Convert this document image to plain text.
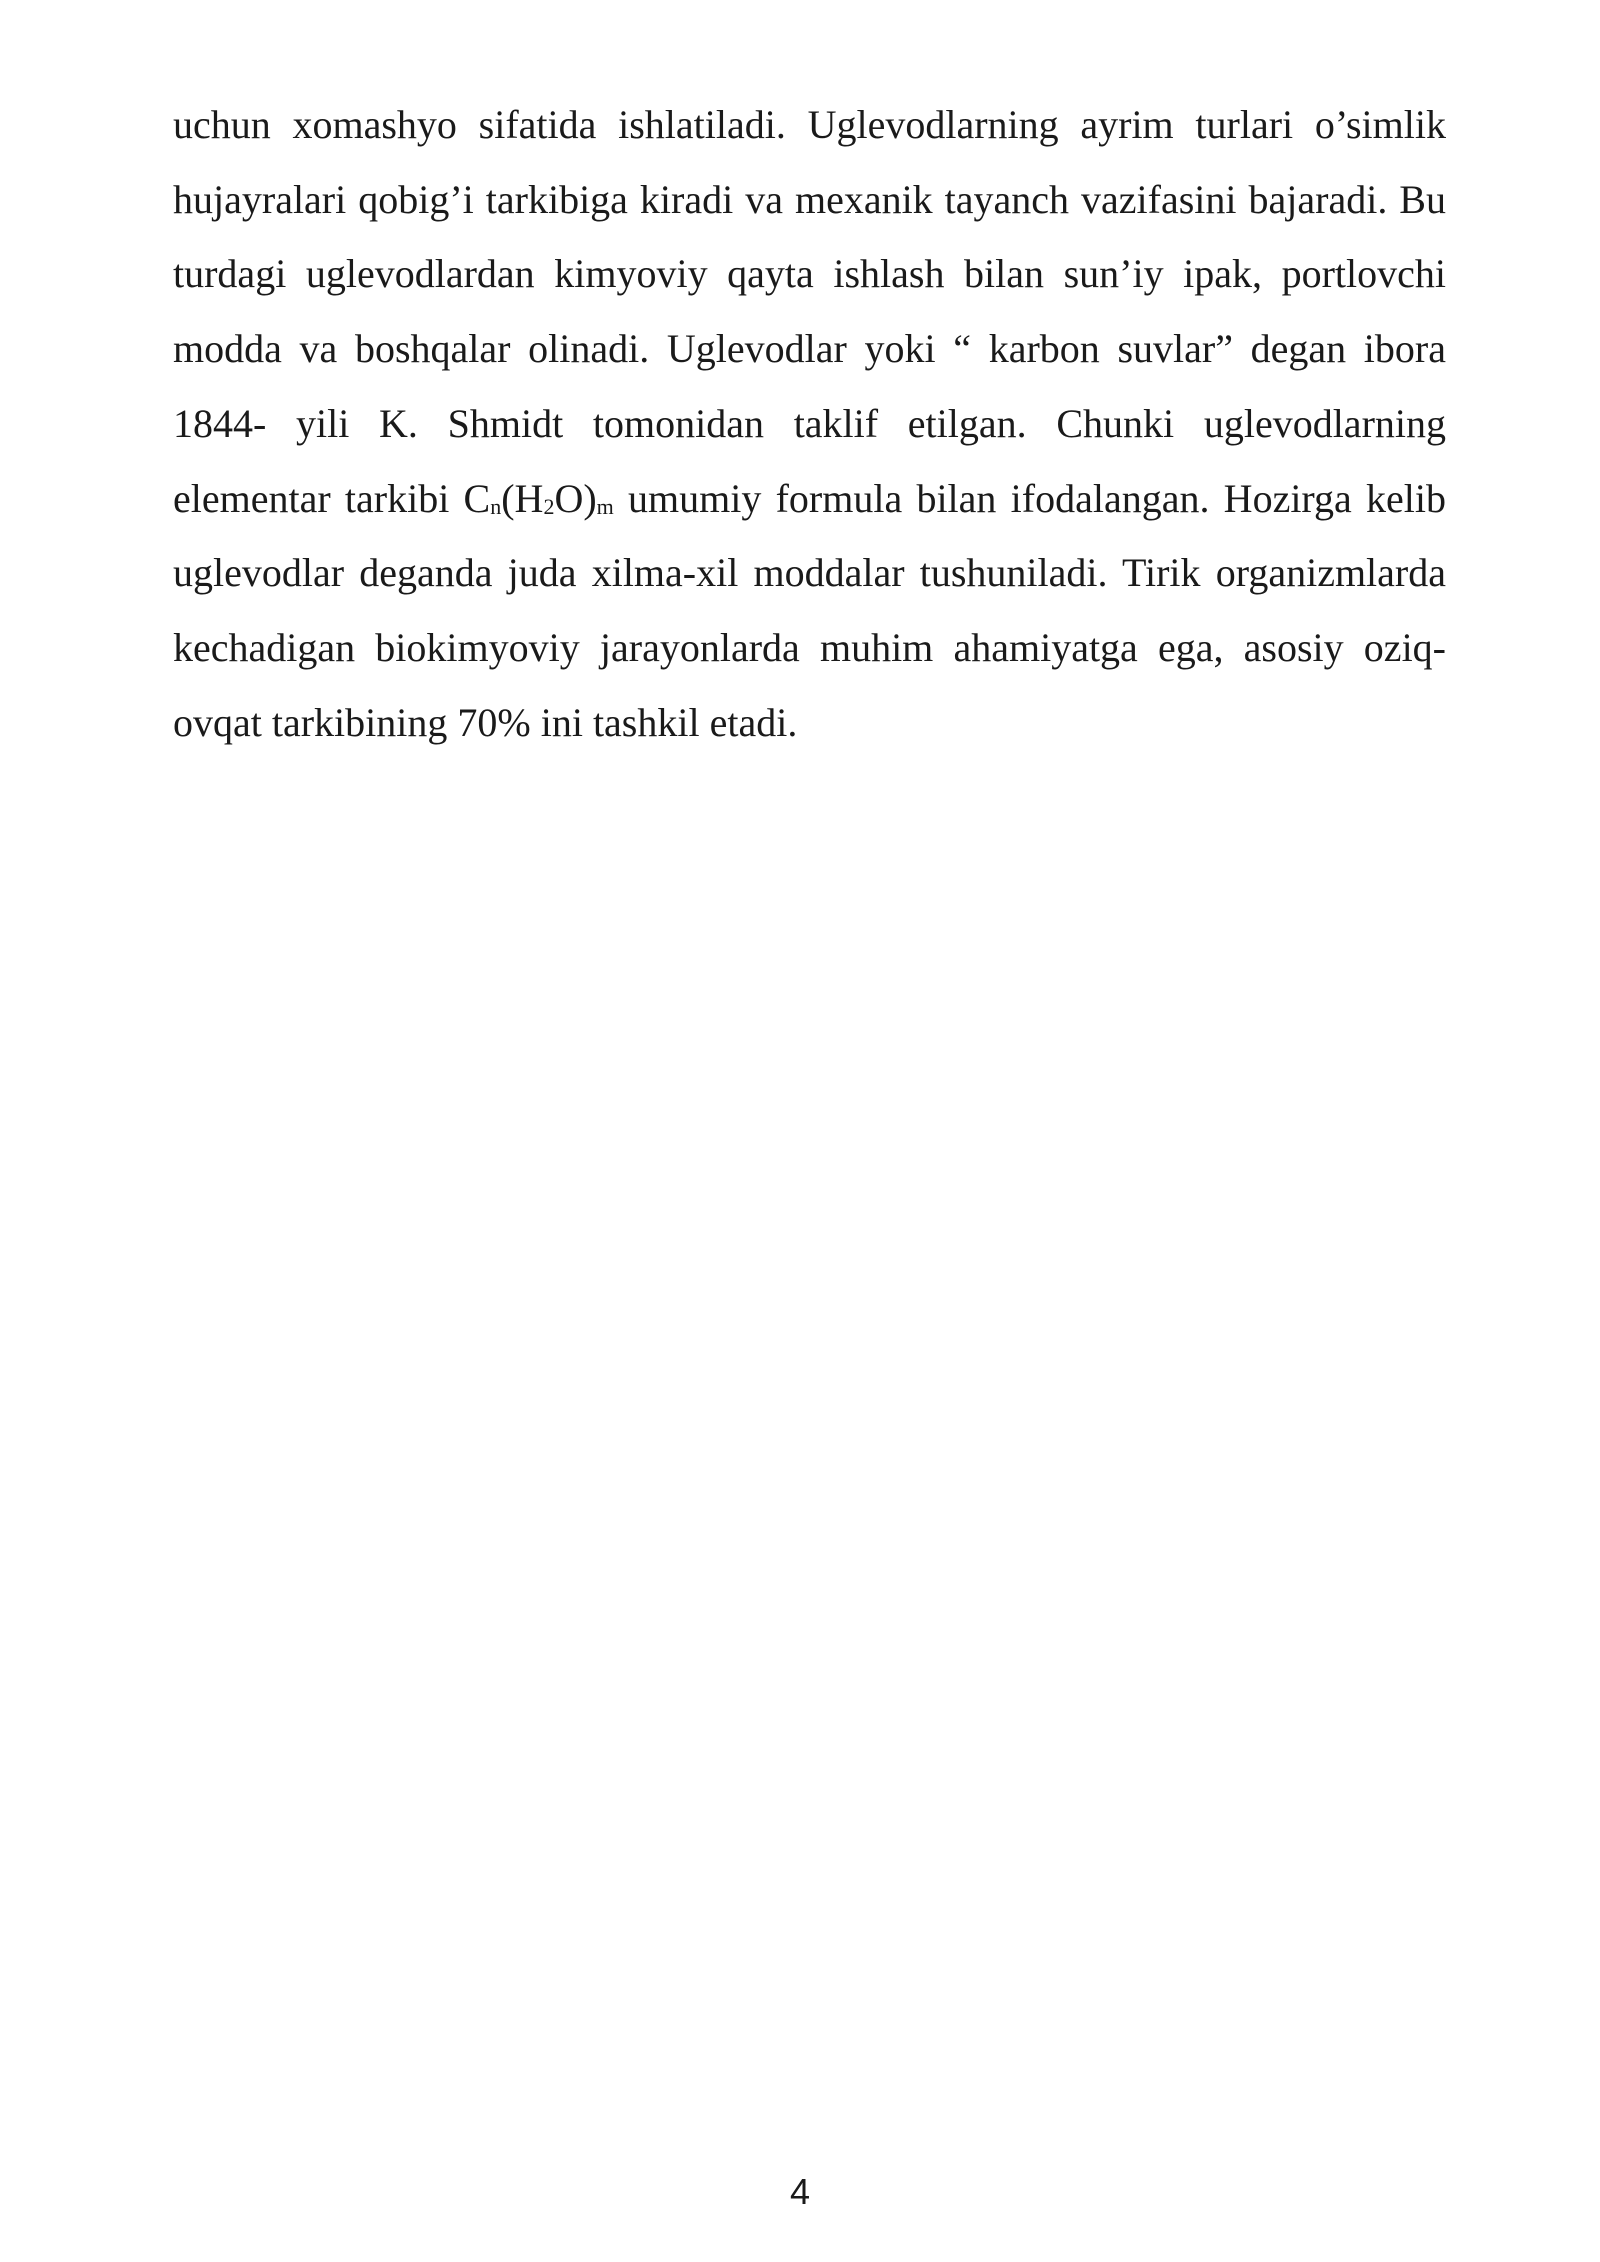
uchun xomashyo sifatida ishlatiladi. Uglevodlarning ayrim turlari o’simlik hujayralari qobig’i tarkibiga kiradi va mexanik tayanch vazifasini bajaradi. Bu turdagi uglevodlardan kimyoviy qayta ishlash bilan sun’iy ipak, portlovchi modda va boshqalar olinadi. Uglevodlar yoki “ karbon suvlar” degan ibora 1844- yili K. Shmidt tomonidan taklif etilgan. Chunki uglevodlarning elementar tarkibi Cn(H2O)m umumiy formula bilan ifodalangan. Hozirga kelib uglevodlar deganda juda xilma-xil moddalar tushuniladi. Tirik organizmlarda kechadigan biokimyoviy jarayonlarda muhim ahamiyatga ega, asosiy oziq-ovqat tarkibining 70% ini tashkil etadi.

4
